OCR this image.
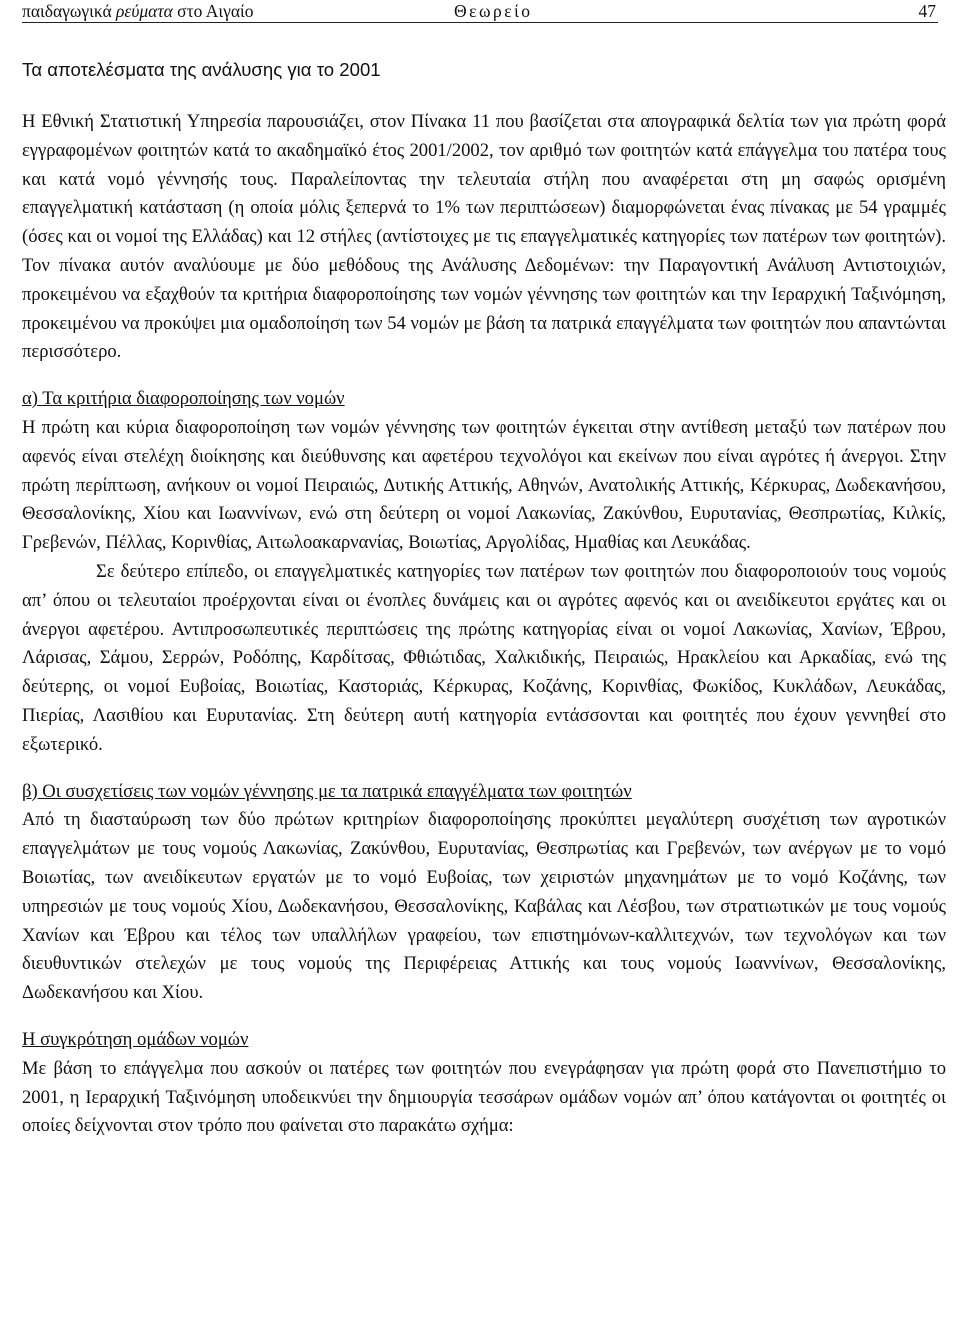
παιδαγωγικά ρεύματα στο Αιγαίο	Θεωρείο	47
Τα αποτελέσματα της ανάλυσης για το 2001

Η Εθνική Στατιστική Υπηρεσία παρουσιάζει, στον Πίνακα 11 που βασίζεται στα απογραφικά δελτία των για πρώτη φορά εγγραφομένων φοιτητών κατά το ακαδημαϊκό έτος 2001/2002, τον αριθμό των φοιτητών κατά επάγγελμα του πατέρα τους και κατά νομό γέννησής τους. Παραλείποντας την τελευταία στήλη που αναφέρεται στη μη σαφώς ορισμένη επαγγελματική κατάσταση (η οποία μόλις ξεπερνά το 1% των περιπτώσεων) διαμορφώνεται ένας πίνακας με 54 γραμμές (όσες και οι νομοί της Ελλάδας) και 12 στήλες (αντίστοιχες με τις επαγγελματικές κατηγορίες των πατέρων των φοιτητών). Τον πίνακα αυτόν αναλύουμε με δύο μεθόδους της Ανάλυσης Δεδομένων: την Παραγοντική Ανάλυση Αντιστοιχιών, προκειμένου να εξαχθούν τα κριτήρια διαφοροποίησης των νομών γέννησης των φοιτητών και την Ιεραρχική Ταξινόμηση, προκειμένου να προκύψει μια ομαδοποίηση των 54 νομών με βάση τα πατρικά επαγγέλματα των φοιτητών που απαντώνται περισσότερο.

α) Τα κριτήρια διαφοροποίησης των νομών

Η πρώτη και κύρια διαφοροποίηση των νομών γέννησης των φοιτητών έγκειται στην αντίθεση μεταξύ των πατέρων που αφενός είναι στελέχη διοίκησης και διεύθυνσης και αφετέρου τεχνολόγοι και εκείνων που είναι αγρότες ή άνεργοι. Στην πρώτη περίπτωση, ανήκουν οι νομοί Πειραιώς, Δυτικής Αττικής, Αθηνών, Ανατολικής Αττικής, Κέρκυρας, Δωδεκανήσου, Θεσσαλονίκης, Χίου και Ιωαννίνων, ενώ στη δεύτερη οι νομοί Λακωνίας, Ζακύνθου, Ευρυτανίας, Θεσπρωτίας, Κιλκίς, Γρεβενών, Πέλλας, Κορινθίας, Αιτωλοακαρνανίας, Βοιωτίας, Αργολίδας, Ημαθίας και Λευκάδας.

Σε δεύτερο επίπεδο, οι επαγγελματικές κατηγορίες των πατέρων των φοιτητών που διαφοροποιούν τους νομούς απ’ όπου οι τελευταίοι προέρχονται είναι οι ένοπλες δυνάμεις και οι αγρότες αφενός και οι ανειδίκευτοι εργάτες και οι άνεργοι αφετέρου. Αντιπροσωπευτικές περιπτώσεις της πρώτης κατηγορίας είναι οι νομοί Λακωνίας, Χανίων, Έβρου, Λάρισας, Σάμου, Σερρών, Ροδόπης, Καρδίτσας, Φθιώτιδας, Χαλκιδικής, Πειραιώς, Ηρακλείου και Αρκαδίας, ενώ της δεύτερης, οι νομοί Ευβοίας, Βοιωτίας, Καστοριάς, Κέρκυρας, Κοζάνης, Κορινθίας, Φωκίδος, Κυκλάδων, Λευκάδας, Πιερίας, Λασιθίου και Ευρυτανίας. Στη δεύτερη αυτή κατηγορία εντάσσονται και φοιτητές που έχουν γεννηθεί στο εξωτερικό.

β) Οι συσχετίσεις των νομών γέννησης με τα πατρικά επαγγέλματα των φοιτητών

Από τη διασταύρωση των δύο πρώτων κριτηρίων διαφοροποίησης προκύπτει μεγαλύτερη συσχέτιση των αγροτικών επαγγελμάτων με τους νομούς Λακωνίας, Ζακύνθου, Ευρυτανίας, Θεσπρωτίας και Γρεβενών, των ανέργων με το νομό Βοιωτίας, των ανειδίκευτων εργατών με το νομό Ευβοίας, των χειριστών μηχανημάτων με το νομό Κοζάνης, των υπηρεσιών με τους νομούς Χίου, Δωδεκανήσου, Θεσσαλονίκης, Καβάλας και Λέσβου, των στρατιωτικών με τους νομούς Χανίων και Έβρου και τέλος των υπαλλήλων γραφείου, των επιστημόνων-καλλιτεχνών, των τεχνολόγων και των διευθυντικών στελεχών με τους νομούς της Περιφέρειας Αττικής και τους νομούς Ιωαννίνων, Θεσσαλονίκης, Δωδεκανήσου και Χίου.

Η συγκρότηση ομάδων νομών

Με βάση το επάγγελμα που ασκούν οι πατέρες των φοιτητών που ενεγράφησαν για πρώτη φορά στο Πανεπιστήμιο το 2001, η Ιεραρχική Ταξινόμηση υποδεικνύει την δημιουργία τεσσάρων ομάδων νομών απ’ όπου κατάγονται οι φοιτητές οι οποίες δείχνονται στον τρόπο που φαίνεται στο παρακάτω σχήμα:
